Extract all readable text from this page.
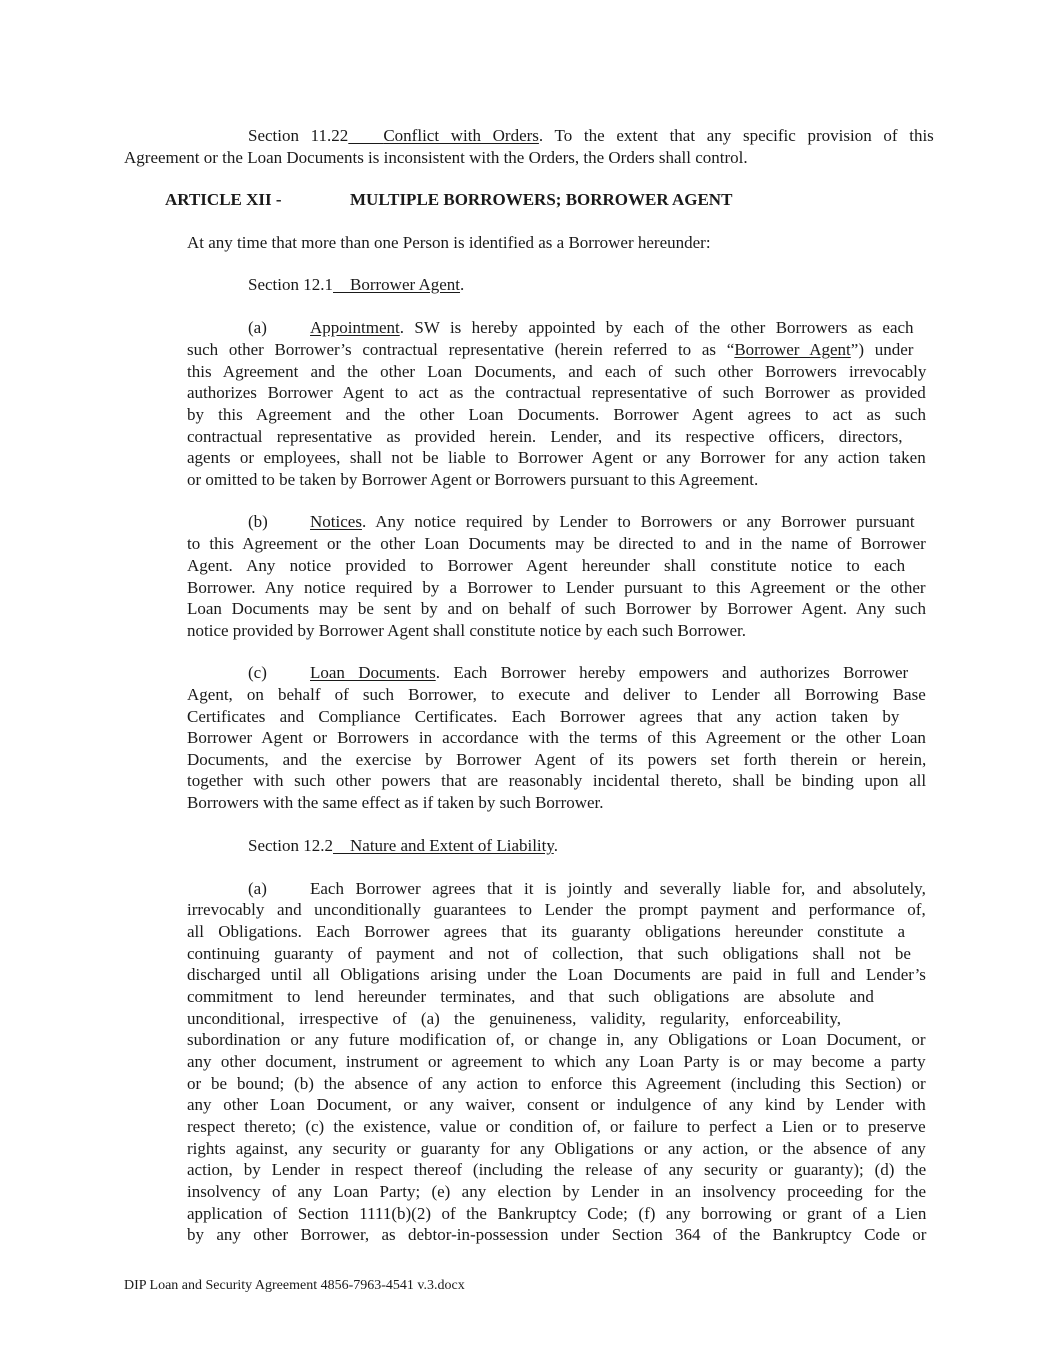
Section 11.22 Conflict with Orders. To the extent that any specific provision of this
Agreement or the Loan Documents is inconsistent with the Orders, the Orders shall control.
ARTICLE XII -	MULTIPLE BORROWERS; BORROWER AGENT
At any time that more than one Person is identified as a Borrower hereunder:
Section 12.1 Borrower Agent.
(a)	Appointment. SW is hereby appointed by each of the other Borrowers as each
such other Borrower’s contractual representative (herein referred to as “Borrower Agent”) under
this Agreement and the other Loan Documents, and each of such other Borrowers irrevocably
authorizes Borrower Agent to act as the contractual representative of such Borrower as provided
by this Agreement and the other Loan Documents. Borrower Agent agrees to act as such
contractual representative as provided herein. Lender, and its respective officers, directors,
agents or employees, shall not be liable to Borrower Agent or any Borrower for any action taken
or omitted to be taken by Borrower Agent or Borrowers pursuant to this Agreement.
(b) Notices. Any notice required by Lender to Borrowers or any Borrower pursuant
to this Agreement or the other Loan Documents may be directed to and in the name of Borrower
Agent. Any notice provided to Borrower Agent hereunder shall constitute notice to each
Borrower. Any notice required by a Borrower to Lender pursuant to this Agreement or the other
Loan Documents may be sent by and on behalf of such Borrower by Borrower Agent. Any such
notice provided by Borrower Agent shall constitute notice by each such Borrower.
(c)	Loan Documents. Each Borrower hereby empowers and authorizes Borrower
Agent, on behalf of such Borrower, to execute and deliver to Lender all Borrowing Base
Certificates and Compliance Certificates. Each Borrower agrees that any action taken by
Borrower Agent or Borrowers in accordance with the terms of this Agreement or the other Loan
Documents, and the exercise by Borrower Agent of its powers set forth therein or herein,
together with such other powers that are reasonably incidental thereto, shall be binding upon all
Borrowers with the same effect as if taken by such Borrower.
Section 12.2 Nature and Extent of Liability.
(a)	Each Borrower agrees that it is jointly and severally liable for, and absolutely,
irrevocably and unconditionally guarantees to Lender the prompt payment and performance of,
all Obligations. Each Borrower agrees that its guaranty obligations hereunder constitute a
continuing guaranty of payment and not of collection, that such obligations shall not be
discharged until all Obligations arising under the Loan Documents are paid in full and Lender’s
commitment to lend hereunder terminates, and that such obligations are absolute and
unconditional, irrespective of (a) the genuineness, validity, regularity, enforceability,
subordination or any future modification of, or change in, any Obligations or Loan Document, or
any other document, instrument or agreement to which any Loan Party is or may become a party
or be bound; (b) the absence of any action to enforce this Agreement (including this Section) or
any other Loan Document, or any waiver, consent or indulgence of any kind by Lender with
respect thereto; (c) the existence, value or condition of, or failure to perfect a Lien or to preserve
rights against, any security or guaranty for any Obligations or any action, or the absence of any
action, by Lender in respect thereof (including the release of any security or guaranty); (d) the
insolvency of any Loan Party; (e) any election by Lender in an insolvency proceeding for the
application of Section 1111(b)(2) of the Bankruptcy Code; (f) any borrowing or grant of a Lien
by any other Borrower, as debtor-in-possession under Section 364 of the Bankruptcy Code or
DIP Loan and Security Agreement 4856-7963-4541 v.3.docx
